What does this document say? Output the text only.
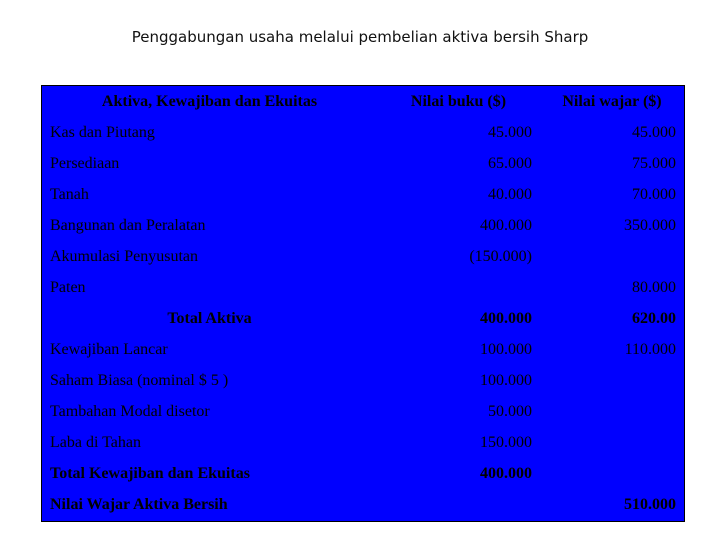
Penggabungan usaha melalui pembelian aktiva bersih Sharp
Aktiva, Kewajiban dan Ekuitas	Nilai buku ($)	Nilai wajar ($)
Kas dan Piutang	45.000	45.000
Persediaan	65.000	75.000
Tanah	40.000	70.000
Bangunan dan Peralatan	400.000	350.000
Akumulasi Penyusutan	(150.000)	
Paten		80.000
Total Aktiva	400.000	620.00
Kewajiban Lancar	100.000	110.000
Saham Biasa (nominal $ 5 )	100.000	
Tambahan Modal disetor	50.000	
Laba di Tahan	150.000	
Total Kewajiban dan Ekuitas	400.000	
Nilai Wajar Aktiva Bersih		510.000
